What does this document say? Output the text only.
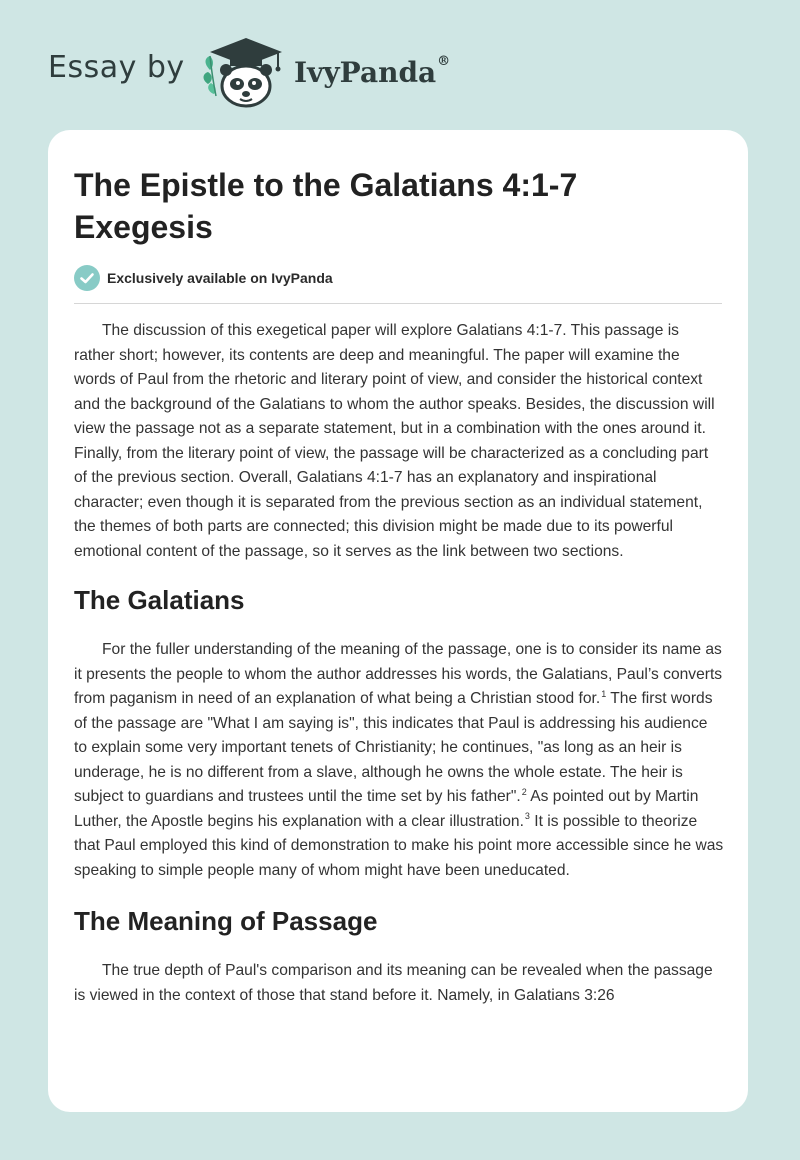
Essay by	IvyPanda®
The Epistle to the Galatians 4:1-7 Exegesis
Exclusively available on IvyPanda

The discussion of this exegetical paper will explore Galatians 4:1-7. This passage is rather short; however, its contents are deep and meaningful. The paper will examine the words of Paul from the rhetoric and literary point of view, and consider the historical context and the background of the Galatians to whom the author speaks. Besides, the discussion will view the passage not as a separate statement, but in a combination with the ones around it. Finally, from the literary point of view, the passage will be characterized as a concluding part of the previous section. Overall, Galatians 4:1-7 has an explanatory and inspirational character; even though it is separated from the previous section as an individual statement, the themes of both parts are connected; this division might be made due to its powerful emotional content of the passage, so it serves as the link between two sections.

The Galatians

For the fuller understanding of the meaning of the passage, one is to consider its name as it presents the people to whom the author addresses his words, the Galatians, Paul’s converts from paganism in need of an explanation of what being a Christian stood for.$^1$ The first words of the passage are "What I am saying is", this indicates that Paul is addressing his audience to explain some very important tenets of Christianity; he continues, "as long as an heir is underage, he is no different from a slave, although he owns the whole estate. The heir is subject to guardians and trustees until the time set by his father".$^2$ As pointed out by Martin Luther, the Apostle begins his explanation with a clear illustration.$^3$ It is possible to theorize that Paul employed this kind of demonstration to make his point more accessible since he was speaking to simple people many of whom might have been uneducated.

The Meaning of Passage

The true depth of Paul's comparison and its meaning can be revealed when the passage is viewed in the context of those that stand before it. Namely, in Galatians 3:26
